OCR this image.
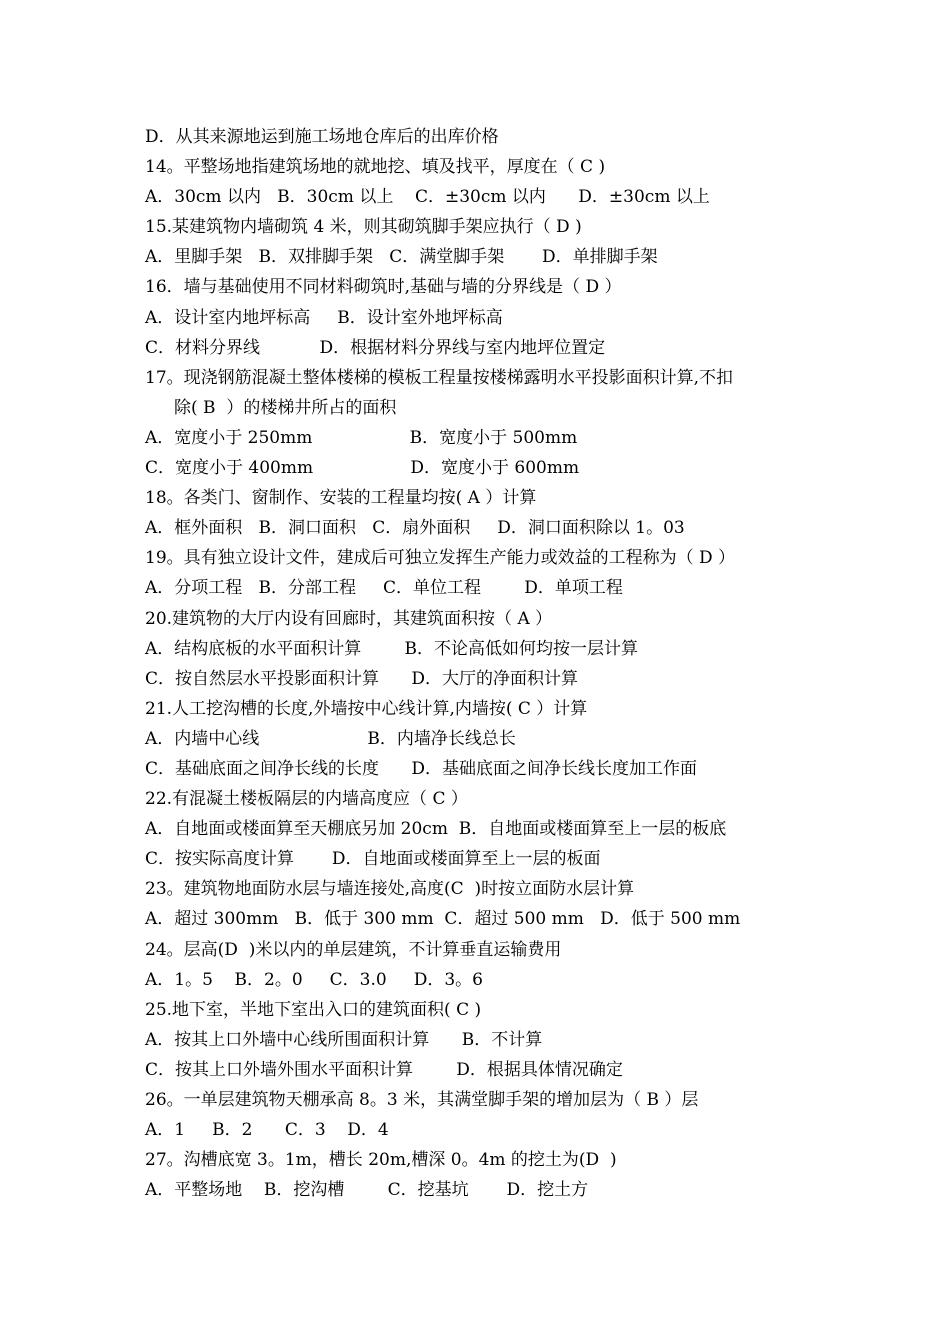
D．从其来源地运到施工场地仓库后的出库价格
14。平整场地指建筑场地的就地挖、填及找平，厚度在（ C )
A．30cm 以内   B．30cm 以上    C．±30cm 以内      D．±30cm 以上
15.某建筑物内墙砌筑 4 米，则其砌筑脚手架应执行（ D )
A．里脚手架   B．双排脚手架   C．满堂脚手架       D．单排脚手架
16．墙与基础使用不同材料砌筑时,基础与墙的分界线是（ D ）
A．设计室内地坪标高     B．设计室外地坪标高
C．材料分界线           D．根据材料分界线与室内地坪位置定
17。现浇钢筋混凝土整体楼梯的模板工程量按楼梯露明水平投影面积计算,不扣
除( B  ）的楼梯井所占的面积
A．宽度小于 250mm                  B．宽度小于 500mm
C．宽度小于 400mm                  D．宽度小于 600mm
18。各类门、窗制作、安装的工程量均按( A ）计算
A．框外面积   B．洞口面积   C．扇外面积     D．洞口面积除以 1。03
19。具有独立设计文件，建成后可独立发挥生产能力或效益的工程称为（ D ）
A．分项工程   B．分部工程     C．单位工程        D．单项工程
20.建筑物的大厅内设有回廊时，其建筑面积按（ A ）
A．结构底板的水平面积计算        B．不论高低如何均按一层计算
C．按自然层水平投影面积计算      D．大厅的净面积计算
21.人工挖沟槽的长度,外墙按中心线计算,内墙按( C ）计算
A．内墙中心线                    B．内墙净长线总长
C．基础底面之间净长线的长度      D．基础底面之间净长线长度加工作面
22.有混凝土楼板隔层的内墙高度应（ C ）
A．自地面或楼面算至天棚底另加 20cm  B．自地面或楼面算至上一层的板底
C．按实际高度计算       D．自地面或楼面算至上一层的板面
23。建筑物地面防水层与墙连接处,高度(C  )时按立面防水层计算
A．超过 300mm   B．低于 300 mm  C．超过 500 mm   D．低于 500 mm
24。层高(D  )米以内的单层建筑，不计算垂直运输费用
A．1。5    B．2。0     C．3.0     D．3。6
25.地下室，半地下室出入口的建筑面积( C )
A．按其上口外墙中心线所围面积计算      B．不计算
C．按其上口外墙外围水平面积计算        D．根据具体情况确定
26。一单层建筑物天棚承高 8。3 米，其满堂脚手架的增加层为（ B ）层
A．1     B．2      C．3    D．4
27。沟槽底宽 3。1m，槽长 20m,槽深 0。4m 的挖土为(D  )
A．平整场地    B．挖沟槽        C．挖基坑       D．挖土方
